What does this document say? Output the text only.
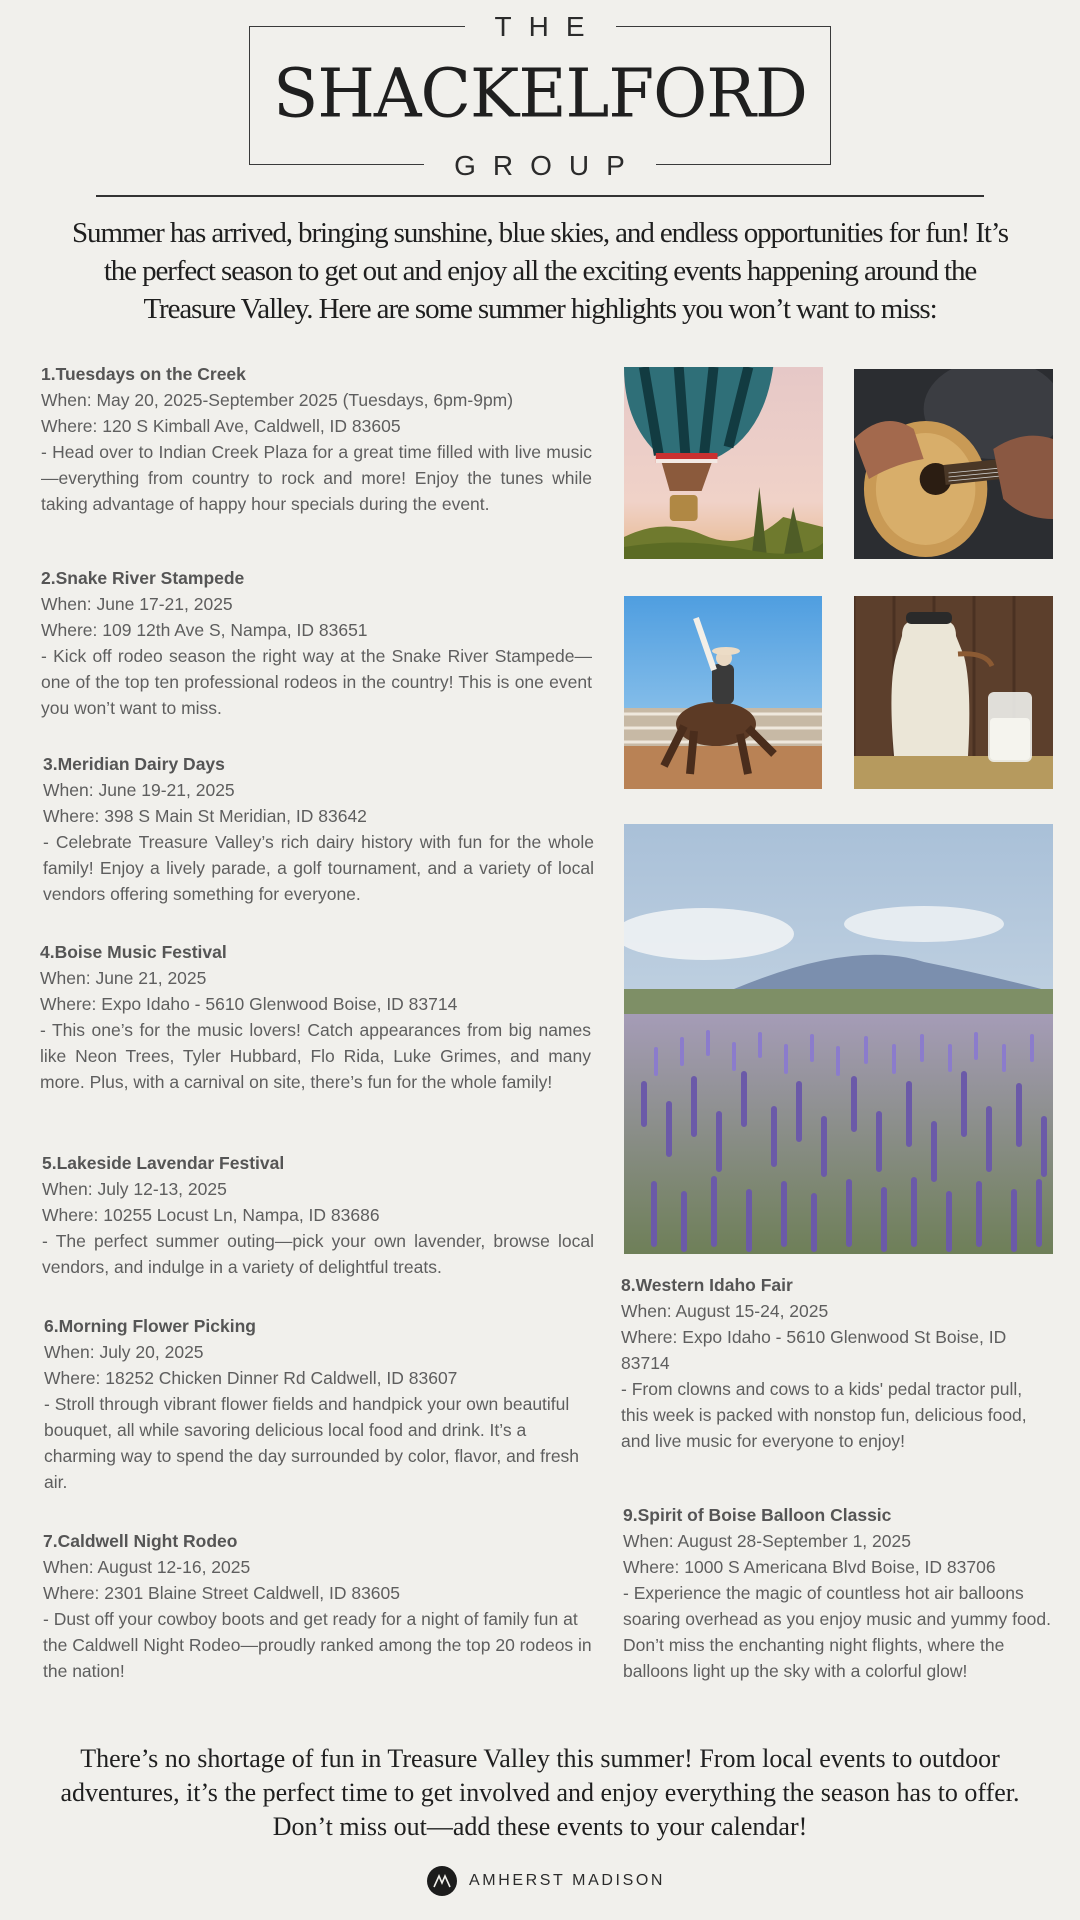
THE
SHACKELFORD
GROUP

Summer has arrived, bringing sunshine, blue skies, and endless opportunities for fun! It’s the perfect season to get out and enjoy all the exciting events happening around the Treasure Valley. Here are some summer highlights you won’t want to miss:

1.Tuesdays on the Creek
When: May 20, 2025-September 2025 (Tuesdays, 6pm-9pm)
Where: 120 S Kimball Ave, Caldwell, ID 83605
- Head over to Indian Creek Plaza for a great time filled with live music—everything from country to rock and more! Enjoy the tunes while taking advantage of happy hour specials during the event.
2.Snake River Stampede
When: June 17-21, 2025
Where: 109 12th Ave S, Nampa, ID 83651
- Kick off rodeo season the right way at the Snake River Stampede—one of the top ten professional rodeos in the country! This is one event you won’t want to miss.
3.Meridian Dairy Days
When: June 19-21, 2025
Where: 398 S Main St Meridian, ID 83642
- Celebrate Treasure Valley’s rich dairy history with fun for the whole family! Enjoy a lively parade, a golf tournament, and a variety of local vendors offering something for everyone.
4.Boise Music Festival
When: June 21, 2025
Where: Expo Idaho - 5610 Glenwood Boise, ID 83714
- This one’s for the music lovers! Catch appearances from big names like Neon Trees, Tyler Hubbard, Flo Rida, Luke Grimes, and many more. Plus, with a carnival on site, there’s fun for the whole family!
5.Lakeside Lavendar Festival
When: July 12-13, 2025
Where: 10255 Locust Ln, Nampa, ID 83686
- The perfect summer outing—pick your own lavender, browse local vendors, and indulge in a variety of delightful treats.
6.Morning Flower Picking
When: July 20, 2025
Where: 18252 Chicken Dinner Rd Caldwell, ID 83607
- Stroll through vibrant flower fields and handpick your own beautiful bouquet, all while savoring delicious local food and drink. It’s a charming way to spend the day surrounded by color, flavor, and fresh air.
7.Caldwell Night Rodeo
When: August 12-16, 2025
Where: 2301 Blaine Street Caldwell, ID 83605
- Dust off your cowboy boots and get ready for a night of family fun at the Caldwell Night Rodeo—proudly ranked among the top 20 rodeos in the nation!
8.Western Idaho Fair
When: August 15-24, 2025
Where: Expo Idaho - 5610 Glenwood St Boise, ID 83714
- From clowns and cows to a kids' pedal tractor pull, this week is packed with nonstop fun, delicious food, and live music for everyone to enjoy!
9.Spirit of Boise Balloon Classic
When: August 28-September 1, 2025
Where: 1000 S Americana Blvd Boise, ID 83706
- Experience the magic of countless hot air balloons soaring overhead as you enjoy music and yummy food. Don’t miss the enchanting night flights, where the balloons light up the sky with a colorful glow!

There’s no shortage of fun in Treasure Valley this summer! From local events to outdoor adventures, it’s the perfect time to get involved and enjoy everything the season has to offer. Don’t miss out—add these events to your calendar!

AMHERST MADISON
